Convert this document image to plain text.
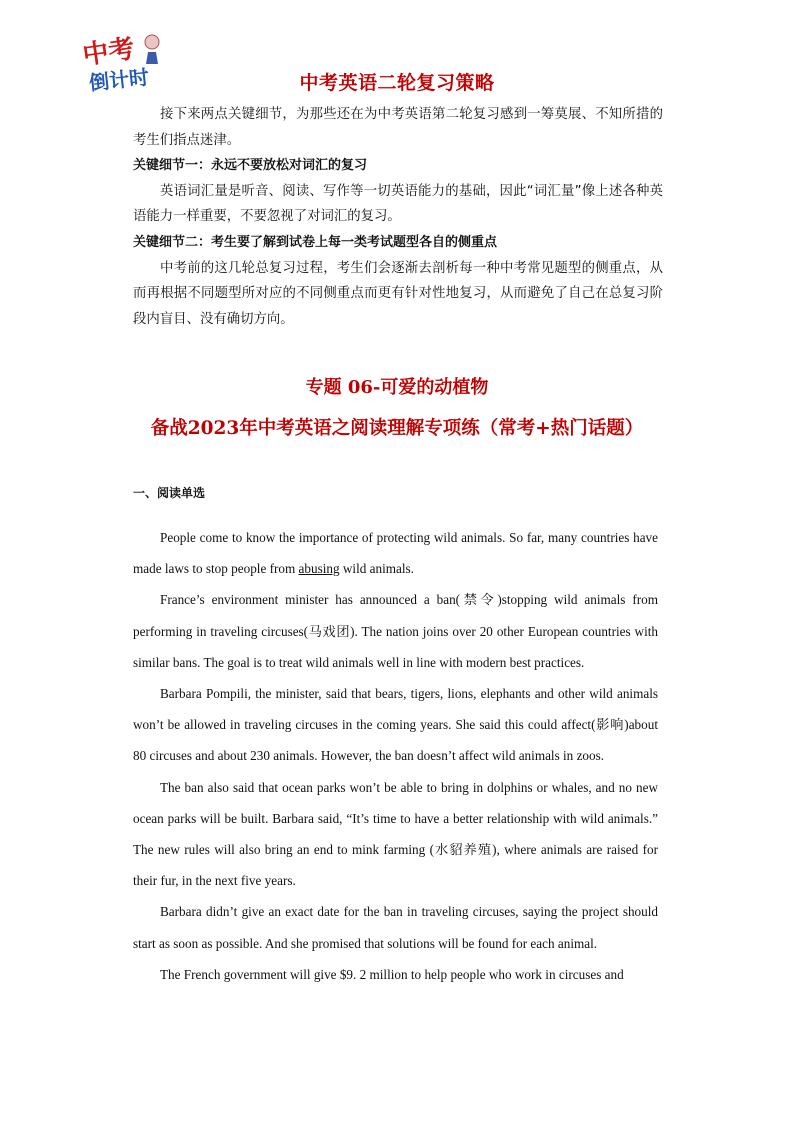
中考
倒计时	中考英语二轮复习策略

接下来两点关键细节，为那些还在为中考英语第二轮复习感到一筹莫展、不知所措的考生们指点迷津。

关键细节一：永远不要放松对词汇的复习

英语词汇量是听音、阅读、写作等一切英语能力的基础，因此“词汇量”像上述各种英语能力一样重要，不要忽视了对词汇的复习。

关键细节二：考生要了解到试卷上每一类考试题型各自的侧重点

中考前的这几轮总复习过程，考生们会逐渐去剖析每一种中考常见题型的侧重点，从而再根据不同题型所对应的不同侧重点而更有针对性地复习，从而避免了自己在总复习阶段内盲目、没有确切方向。

专题 06-可爱的动植物
备战2023年中考英语之阅读理解专项练（常考+热门话题）
一、阅读单选

People come to know the importance of protecting wild animals. So far, many countries have made laws to stop people from abusing wild animals.

France’s environment minister has announced a ban(禁令)stopping wild animals from performing in traveling circuses(马戏团). The nation joins over 20 other European countries with similar bans. The goal is to treat wild animals well in line with modern best practices.

Barbara Pompili, the minister, said that bears, tigers, lions, elephants and other wild animals won’t be allowed in traveling circuses in the coming years. She said this could affect(影响)about 80 circuses and about 230 animals. However, the ban doesn’t affect wild animals in zoos.

The ban also said that ocean parks won’t be able to bring in dolphins or whales, and no new ocean parks will be built. Barbara said, “It’s time to have a better relationship with wild animals.” The new rules will also bring an end to mink farming (水貂养殖), where animals are raised for their fur, in the next five years.

Barbara didn’t give an exact date for the ban in traveling circuses, saying the project should start as soon as possible. And she promised that solutions will be found for each animal.

The French government will give $9. 2 million to help people who work in circuses and
